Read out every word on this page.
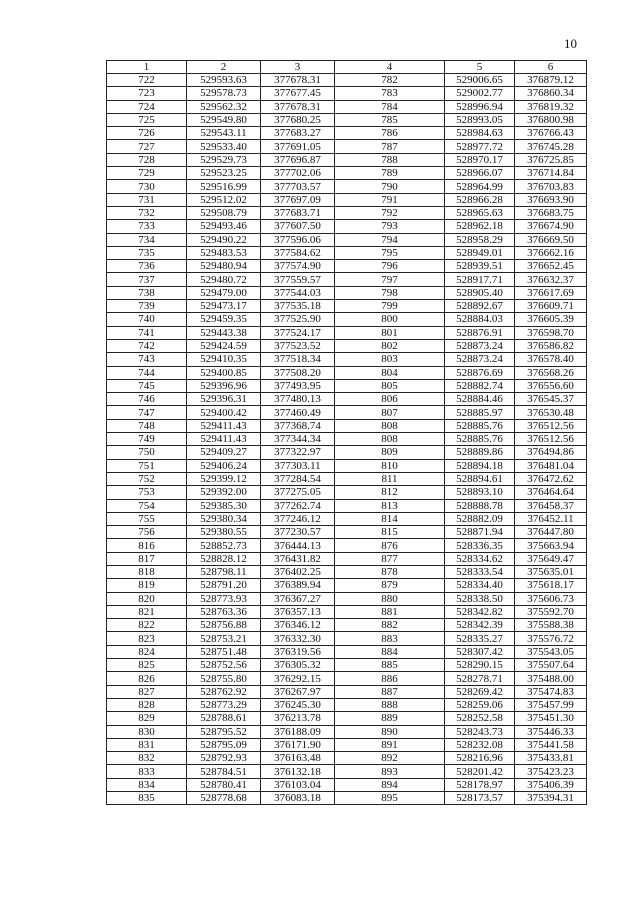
10
1	2	3	4	5	6
722	529593.63	377678.31	782	529006.65	376879.12
723	529578.73	377677.45	783	529002.77	376860.34
724	529562.32	377678.31	784	528996.94	376819.32
725	529549.80	377680.25	785	528993.05	376800.98
726	529543.11	377683.27	786	528984.63	376766.43
727	529533.40	377691.05	787	528977.72	376745.28
728	529529.73	377696.87	788	528970.17	376725.85
729	529523.25	377702.06	789	528966.07	376714.84
730	529516.99	377703.57	790	528964.99	376703.83
731	529512.02	377697.09	791	528966.28	376693.90
732	529508.79	377683.71	792	528965.63	376683.75
733	529493.46	377607.50	793	528962.18	376674.90
734	529490.22	377596.06	794	528958.29	376669.50
735	529483.53	377584.62	795	528949.01	376662.16
736	529480.94	377574.90	796	528939.51	376652.45
737	529480.72	377559.57	797	528917.71	376632.37
738	529479.00	377544.03	798	528905.40	376617.69
739	529473.17	377535.18	799	528892.67	376609.71
740	529459.35	377525.90	800	528884.03	376605.39
741	529443.38	377524.17	801	528876.91	376598.70
742	529424.59	377523.52	802	528873.24	376586.82
743	529410.35	377518.34	803	528873.24	376578.40
744	529400.85	377508.20	804	528876.69	376568.26
745	529396.96	377493.95	805	528882.74	376556.60
746	529396.31	377480.13	806	528884.46	376545.37
747	529400.42	377460.49	807	528885.97	376530.48
748	529411.43	377368.74	808	528885.76	376512.56
749	529411.43	377344.34	808	528885.76	376512.56
750	529409.27	377322.97	809	528889.86	376494.86
751	529406.24	377303.11	810	528894.18	376481.04
752	529399.12	377284.54	811	528894.61	376472.62
753	529392.00	377275.05	812	528893.10	376464.64
754	529385.30	377262.74	813	528888.78	376458.37
755	529380.34	377246.12	814	528882.09	376452.11
756	529380.55	377230.57	815	528871.94	376447.80
816	528852.73	376444.13	876	528336.35	375663.94
817	528828.12	376431.82	877	528334.62	375649.47
818	528798.11	376402.25	878	528333.54	375635.01
819	528791.20	376389.94	879	528334.40	375618.17
820	528773.93	376367.27	880	528338.50	375606.73
821	528763.36	376357.13	881	528342.82	375592.70
822	528756.88	376346.12	882	528342.39	375588.38
823	528753.21	376332.30	883	528335.27	375576.72
824	528751.48	376319.56	884	528307.42	375543.05
825	528752.56	376305.32	885	528290.15	375507.64
826	528755.80	376292.15	886	528278.71	375488.00
827	528762.92	376267.97	887	528269.42	375474.83
828	528773.29	376245.30	888	528259.06	375457.99
829	528788.61	376213.78	889	528252.58	375451.30
830	528795.52	376188.09	890	528243.73	375446.33
831	528795.09	376171.90	891	528232.08	375441.58
832	528792.93	376163.48	892	528216.96	375433.81
833	528784.51	376132.18	893	528201.42	375423.23
834	528780.41	376103.04	894	528178.97	375406.39
835	528778.68	376083.18	895	528173.57	375394.31
